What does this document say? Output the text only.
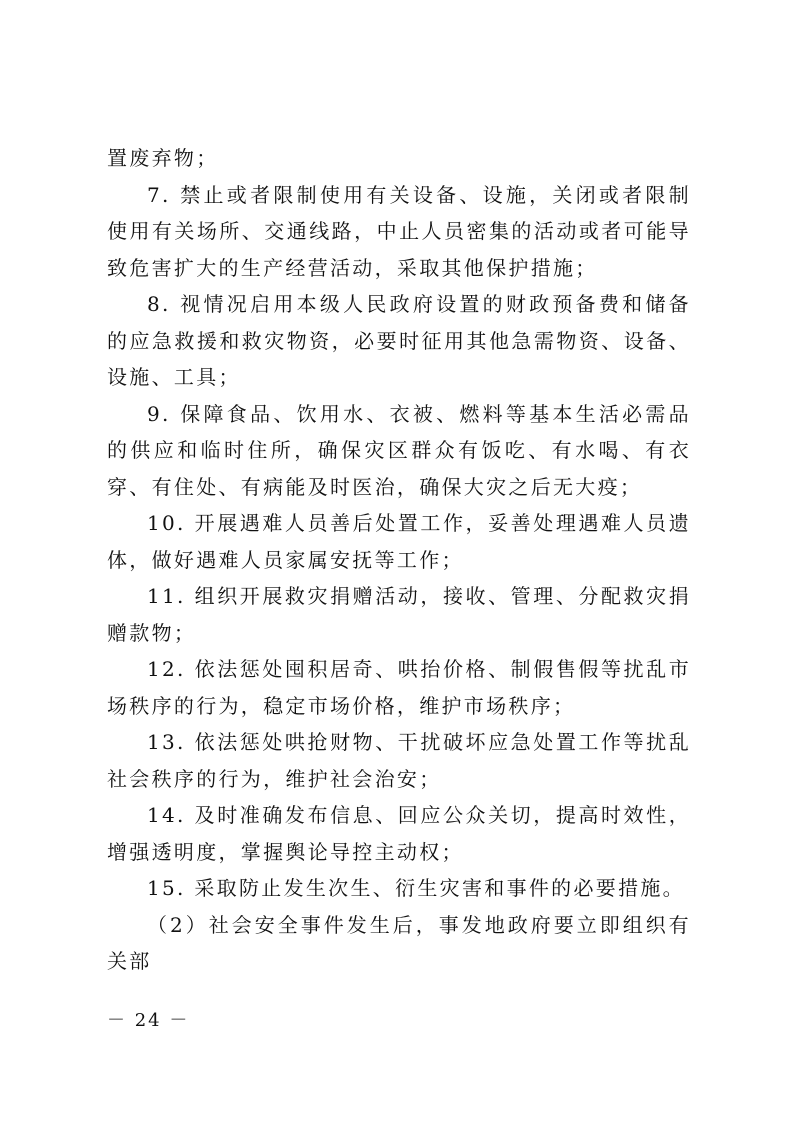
置废弃物；

7. 禁止或者限制使用有关设备、设施，关闭或者限制使用有关场所、交通线路，中止人员密集的活动或者可能导致危害扩大的生产经营活动，采取其他保护措施；

8. 视情况启用本级人民政府设置的财政预备费和储备的应急救援和救灾物资，必要时征用其他急需物资、设备、设施、工具；

9. 保障食品、饮用水、衣被、燃料等基本生活必需品的供应和临时住所，确保灾区群众有饭吃、有水喝、有衣穿、有住处、有病能及时医治，确保大灾之后无大疫；

10. 开展遇难人员善后处置工作，妥善处理遇难人员遗体，做好遇难人员家属安抚等工作；

11. 组织开展救灾捐赠活动，接收、管理、分配救灾捐赠款物；

12. 依法惩处囤积居奇、哄抬价格、制假售假等扰乱市场秩序的行为，稳定市场价格，维护市场秩序；

13. 依法惩处哄抢财物、干扰破坏应急处置工作等扰乱社会秩序的行为，维护社会治安；

14. 及时准确发布信息、回应公众关切，提高时效性，增强透明度，掌握舆论导控主动权；

15. 采取防止发生次生、衍生灾害和事件的必要措施。

（2）社会安全事件发生后，事发地政府要立即组织有关部

－ 24 －
